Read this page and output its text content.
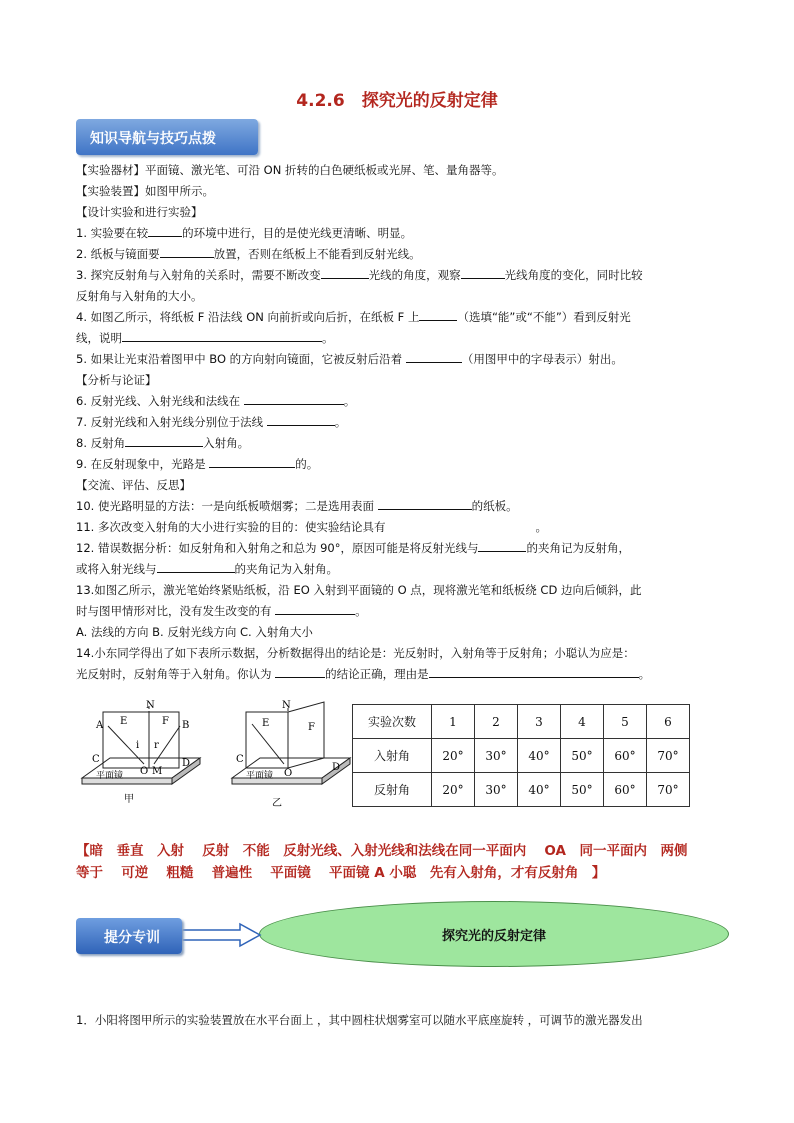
4.2.6　探究光的反射定律
知识导航与技巧点拨

【实验器材】平面镜、激光笔、可沿 ON 折转的白色硬纸板或光屏、笔、量角器等。

【实验装置】如图甲所示。

【设计实验和进行实验】

1. 实验要在较	的环境中进行，目的是使光线更清晰、明显。

2. 纸板与镜面要	放置，否则在纸板上不能看到反射光线。

3. 探究反射角与入射角的关系时，需要不断改变	光线的角度，观察	光线角度的变化，同时比较

反射角与入射角的大小。

4. 如图乙所示，将纸板 F 沿法线 ON 向前折或向后折，在纸板 F 上	（选填“能”或“不能”）看到反射光

线，说明	。

5. 如果让光束沿着图甲中 BO 的方向射向镜面，它被反射后沿着	（用图甲中的字母表示）射出。

【分析与论证】

6. 反射光线、入射光线和法线在	。

7. 反射光线和入射光线分别位于法线	。

8. 反射角	入射角。

9. 在反射现象中，光路是	的。

【交流、评估、反思】

10. 使光路明显的方法：一是向纸板喷烟雾；二是选用表面	的纸板。

11. 多次改变入射角的大小进行实验的目的：使实验结论具有	。

12. 错误数据分析：如反射角和入射角之和总为 90°，原因可能是将反射光线与	的夹角记为反射角，

或将入射光线与	的夹角记为入射角。

13.如图乙所示，激光笔始终紧贴纸板，沿 EO 入射到平面镜的 O 点，现将激光笔和纸板绕 CD 边向后倾斜，此

时与图甲情形对比，没有发生改变的有	。

A. 法线的方向 B. 反射光线方向 C. 入射角大小

14.小东同学得出了如下表所示数据，分析数据得出的结论是：光反射时，入射角等于反射角；小聪认为应是：

光反射时，反射角等于入射角。你认为	的结论正确，理由是	。

A	B
E	F
N
C	D
i r
O M
平面镜
甲
E	F
N
C
D
O
平面镜
乙
实验次数	1	2	3	4	5	6
入射角	20°	30°	40°	50°	60°	70°
反射角	20°	30°	40°	50°	60°	70°
【暗　垂直　入射　 反射　不能　反射光线、入射光线和法线在同一平面内　 OA　同一平面内　两侧
等于　 可逆　 粗糙　 普遍性　 平面镜　 平面镜 A 小聪　先有入射角，才有反射角　】
探究光的反射定律
提分专训
1．小阳将图甲所示的实验装置放在水平台面上 ，其中圆柱状烟雾室可以随水平底座旋转 ，可调节的激光器发出
